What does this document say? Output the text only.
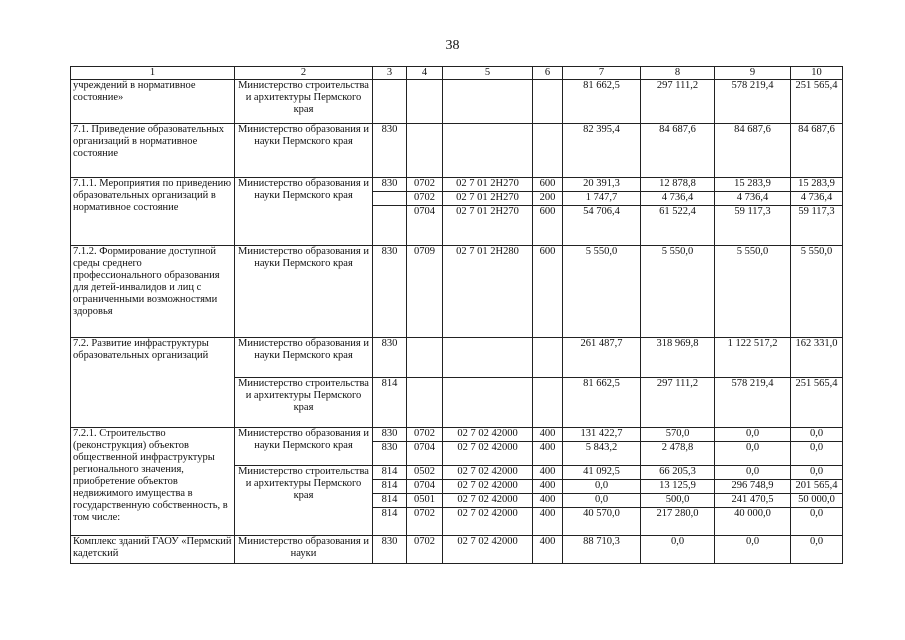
38
1	2	3	4	5	6	7	8	9	10
учреждений в нормативное состояние»	Министерство строительства и архитектуры Пермского края					81 662,5	297 111,2	578 219,4	251 565,4
7.1. Приведение образовательных организаций в нормативное состояние	Министерство образования и науки Пермского края	830				82 395,4	84 687,6	84 687,6	84 687,6
7.1.1. Мероприятия по приведению образовательных организаций в нормативное состояние	Министерство образования и науки Пермского края	830	0702	02 7 01 2Н270	600	20 391,3	12 878,8	15 283,9	15 283,9
			0702	02 7 01 2Н270	200	1 747,7	4 736,4	4 736,4	4 736,4
			0704	02 7 01 2Н270	600	54 706,4	61 522,4	59 117,3	59 117,3
7.1.2. Формирование доступной среды среднего профессионального образования для детей-инвалидов и лиц с ограниченными возможностями здоровья	Министерство образования и науки Пермского края	830	0709	02 7 01 2Н280	600	5 550,0	5 550,0	5 550,0	5 550,0
7.2. Развитие инфраструктуры образовательных организаций	Министерство образования и науки Пермского края	830				261 487,7	318 969,8	1 122 517,2	162 331,0
	Министерство строительства и архитектуры Пермского края	814				81 662,5	297 111,2	578 219,4	251 565,4
7.2.1. Строительство (реконструкция) объектов общественной инфраструктуры регионального значения, приобретение объектов недвижимого имущества в государственную собственность, в том числе:	Министерство образования и науки Пермского края	830	0702	02 7 02 42000	400	131 422,7	570,0	0,0	0,0
		830	0704	02 7 02 42000	400	5 843,2	2 478,8	0,0	0,0
	Министерство строительства и архитектуры Пермского края	814	0502	02 7 02 42000	400	41 092,5	66 205,3	0,0	0,0
		814	0704	02 7 02 42000	400	0,0	13 125,9	296 748,9	201 565,4
		814	0501	02 7 02 42000	400	0,0	500,0	241 470,5	50 000,0
		814	0702	02 7 02 42000	400	40 570,0	217 280,0	40 000,0	0,0
Комплекс зданий ГАОУ «Пермский кадетский	Министерство образования и науки	830	0702	02 7 02 42000	400	88 710,3	0,0	0,0	0,0
